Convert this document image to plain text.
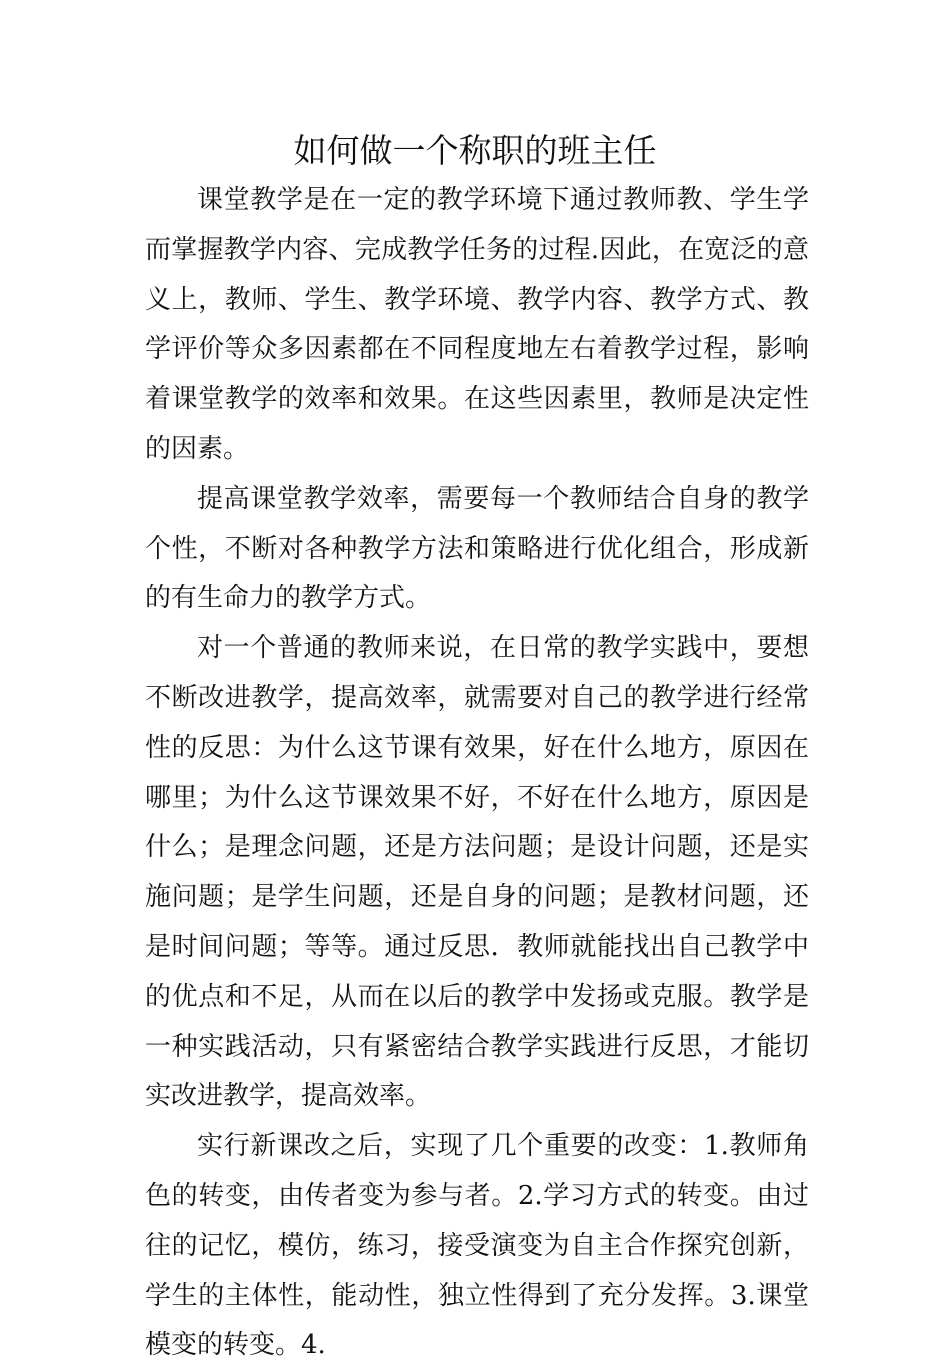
如何做一个称职的班主任

课堂教学是在一定的教学环境下通过教师教、学生学而掌握教学内容、完成教学任务的过程.因此，在宽泛的意义上，教师、学生、教学环境、教学内容、教学方式、教学评价等众多因素都在不同程度地左右着教学过程，影响着课堂教学的效率和效果。在这些因素里，教师是决定性的因素。

提高课堂教学效率，需要每一个教师结合自身的教学个性，不断对各种教学方法和策略进行优化组合，形成新的有生命力的教学方式。

对一个普通的教师来说，在日常的教学实践中，要想不断改进教学，提高效率，就需要对自己的教学进行经常性的反思：为什么这节课有效果，好在什么地方，原因在哪里；为什么这节课效果不好，不好在什么地方，原因是什么；是理念问题，还是方法问题；是设计问题，还是实施问题；是学生问题，还是自身的问题；是教材问题，还是时间问题；等等。通过反思．教师就能找出自己教学中的优点和不足，从而在以后的教学中发扬或克服。教学是一种实践活动，只有紧密结合教学实践进行反思，才能切实改进教学，提高效率。

实行新课改之后，实现了几个重要的改变：1.教师角色的转变，由传者变为参与者。2.学习方式的转变。由过往的记忆，模仿，练习，接受演变为自主合作探究创新，学生的主体性，能动性，独立性得到了充分发挥。3.课堂模变的转变。4.
